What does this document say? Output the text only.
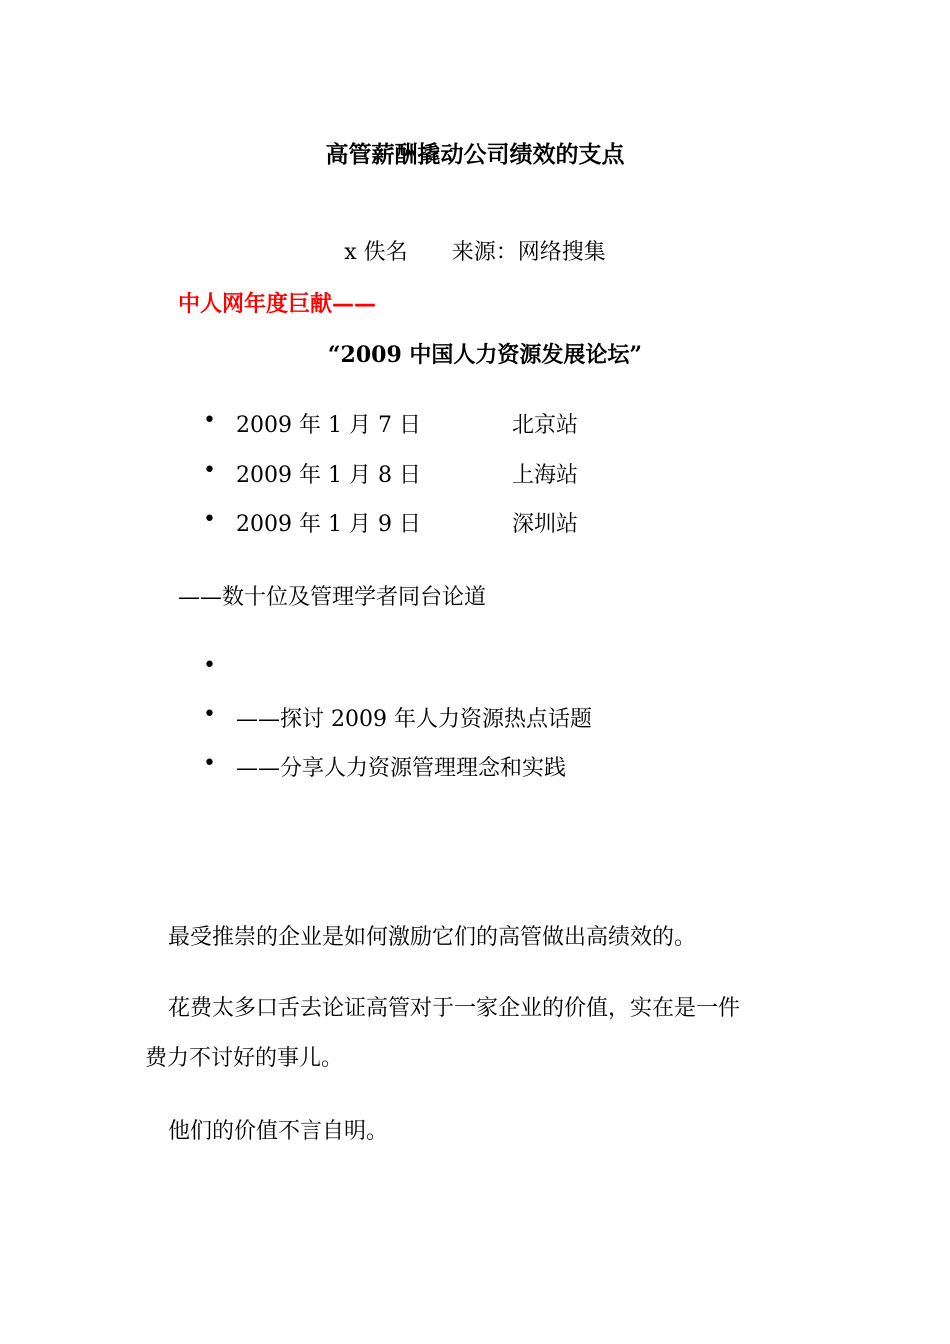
高管薪酬撬动公司绩效的支点
x 佚名 来源：网络搜集
中人网年度巨献——
“2009 中国人力资源发展论坛”
• 2009 年 1 月 7 日	北京站
• 2009 年 1 月 8 日	上海站
• 2009 年 1 月 9 日	深圳站
——数十位及管理学者同台论道
•
• ——探讨 2009 年人力资源热点话题
• ——分享人力资源管理理念和实践
最受推崇的企业是如何激励它们的高管做出高绩效的。
花费太多口舌去论证高管对于一家企业的价值，实在是一件
费力不讨好的事儿。
他们的价值不言自明。
